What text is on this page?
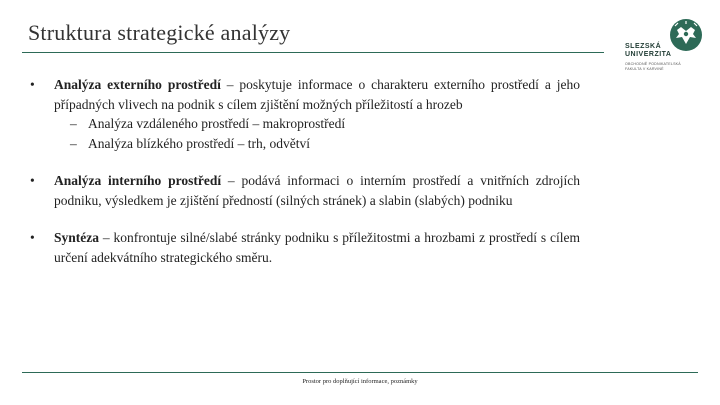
Struktura strategické analýzy
SLEZSKÁ
UNIVERZITA
OBCHODNĚ PODNIKATELSKÁ
FAKULTA V KARVINÉ
• Analýza externího prostředí – poskytuje informace o charakteru externího prostředí a jeho případných vlivech na podnik s cílem zjištění možných příležitostí a hrozeb

– Analýza vzdáleného prostředí – makroprostředí
– Analýza blízkého prostředí – trh, odvětví
• Analýza interního prostředí – podává informaci o interním prostředí a vnitřních zdrojích podniku, výsledkem je zjištění předností (silných stránek) a slabin (slabých) podniku

• Syntéza – konfrontuje silné/slabé stránky podniku s příležitostmi a hrozbami z prostředí s cílem určení adekvátního strategického směru.

Prostor pro doplňující informace, poznámky
